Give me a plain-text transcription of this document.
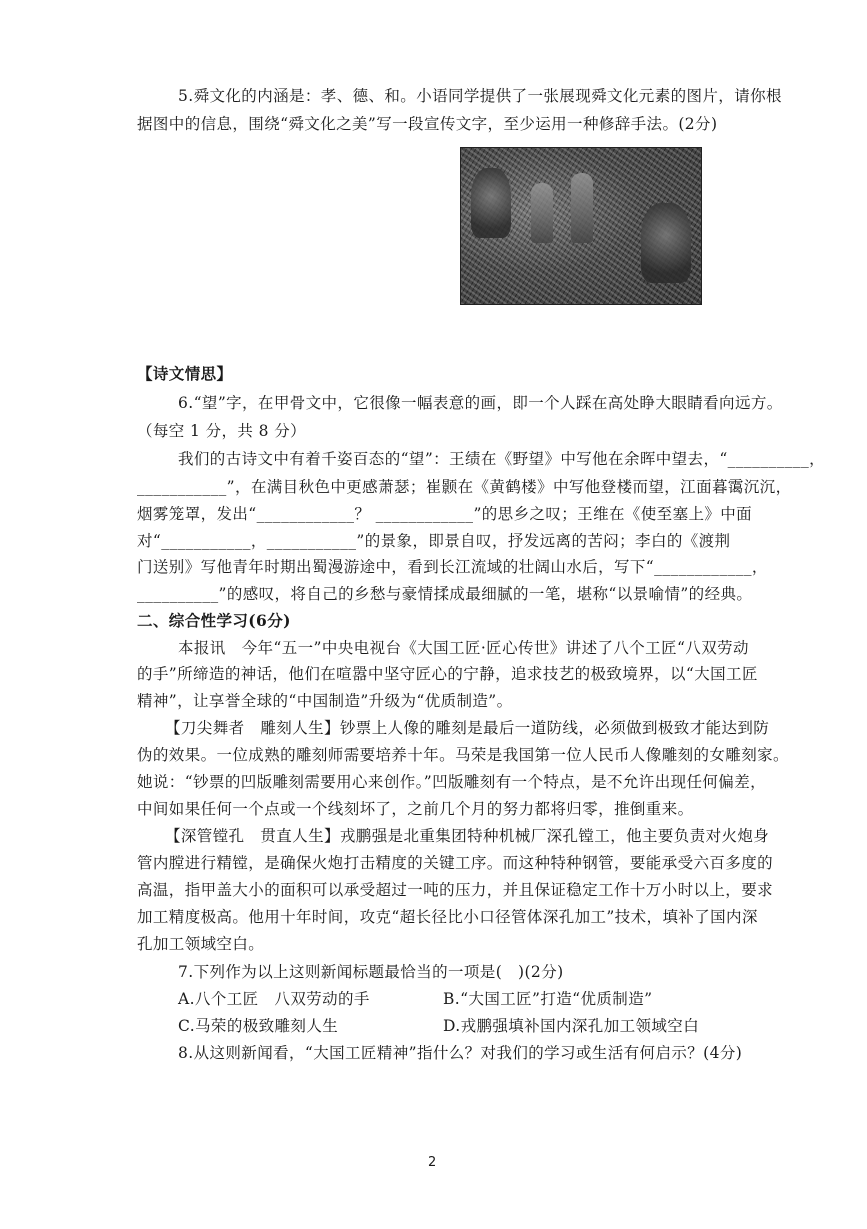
5.舜文化的内涵是：孝、德、和。小语同学提供了一张展现舜文化元素的图片，请你根
据图中的信息，围绕“舜文化之美”写一段宣传文字，至少运用一种修辞手法。(2分)
【诗文情思】
6.“望”字，在甲骨文中，它很像一幅表意的画，即一个人踩在高处睁大眼睛看向远方。
（每空 1 分，共 8 分）
我们的古诗文中有着千姿百态的“望”：王绩在《野望》中写他在余晖中望去，“__________，
___________”，在满目秋色中更感萧瑟；崔颢在《黄鹤楼》中写他登楼而望，江面暮霭沉沉，
烟雾笼罩，发出“____________？ ____________”的思乡之叹；王维在《使至塞上》中面
对“___________，___________”的景象，即景自叹，抒发远离的苦闷；李白的《渡荆
门送别》写他青年时期出蜀漫游途中，看到长江流域的壮阔山水后，写下“____________，
__________”的感叹，将自己的乡愁与豪情揉成最细腻的一笔，堪称“以景喻情”的经典。
二、综合性学习(6分)
本报讯　今年“五一”中央电视台《大国工匠·匠心传世》讲述了八个工匠“八双劳动
的手”所缔造的神话，他们在喧嚣中坚守匠心的宁静，追求技艺的极致境界，以“大国工匠
精神”，让享誉全球的“中国制造”升级为“优质制造”。
【刀尖舞者　雕刻人生】钞票上人像的雕刻是最后一道防线，必须做到极致才能达到防
伪的效果。一位成熟的雕刻师需要培养十年。马荣是我国第一位人民币人像雕刻的女雕刻家。
她说：“钞票的凹版雕刻需要用心来创作。”凹版雕刻有一个特点，是不允许出现任何偏差，
中间如果任何一个点或一个线刻坏了，之前几个月的努力都将归零，推倒重来。
【深管镗孔　贯直人生】戎鹏强是北重集团特种机械厂深孔镗工，他主要负责对火炮身
管内膛进行精镗，是确保火炮打击精度的关键工序。而这种特种钢管，要能承受六百多度的
高温，指甲盖大小的面积可以承受超过一吨的压力，并且保证稳定工作十万小时以上，要求
加工精度极高。他用十年时间，攻克“超长径比小口径管体深孔加工”技术，填补了国内深
孔加工领域空白。
7.下列作为以上这则新闻标题最恰当的一项是(　)(2分)
A.八个工匠　八双劳动的手	B.“大国工匠”打造“优质制造”
C.马荣的极致雕刻人生	D.戎鹏强填补国内深孔加工领域空白
8.从这则新闻看，“大国工匠精神”指什么？对我们的学习或生活有何启示？(4分)
2
